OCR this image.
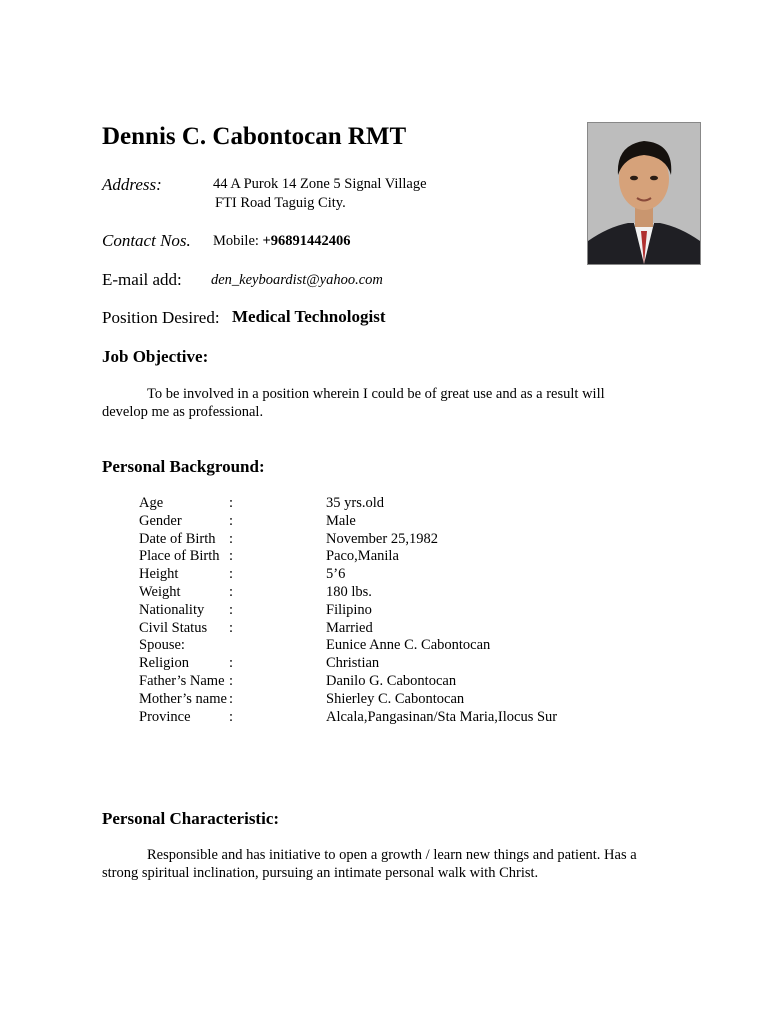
Dennis C. Cabontocan RMT
Address:	44 A Purok 14 Zone 5 Signal Village
FTI Road Taguig City.
Contact Nos. Mobile: +96891442406
E-mail add: den_keyboardist@yahoo.com
Position Desired: Medical Technologist
Job Objective:
To be involved in a position wherein I could be of great use and as a result will develop me as professional.
Personal Background:
Age	:	35 yrs.old
Gender	:	Male
Date of Birth :	November 25,1982
Place of Birth :	Paco,Manila
Height	:	5’6
Weight	:	180 lbs.
Nationality :	Filipino
Civil Status :	Married
Spouse:	Eunice Anne C. Cabontocan
Religion	:	Christian
Father’s Name :	Danilo G. Cabontocan
Mother’s name :	Shierley C. Cabontocan
Province	:	Alcala,Pangasinan/Sta Maria,Ilocus Sur
Personal Characteristic:
Responsible and has initiative to open a growth / learn new things and patient. Has a strong spiritual inclination, pursuing an intimate personal walk with Christ.
